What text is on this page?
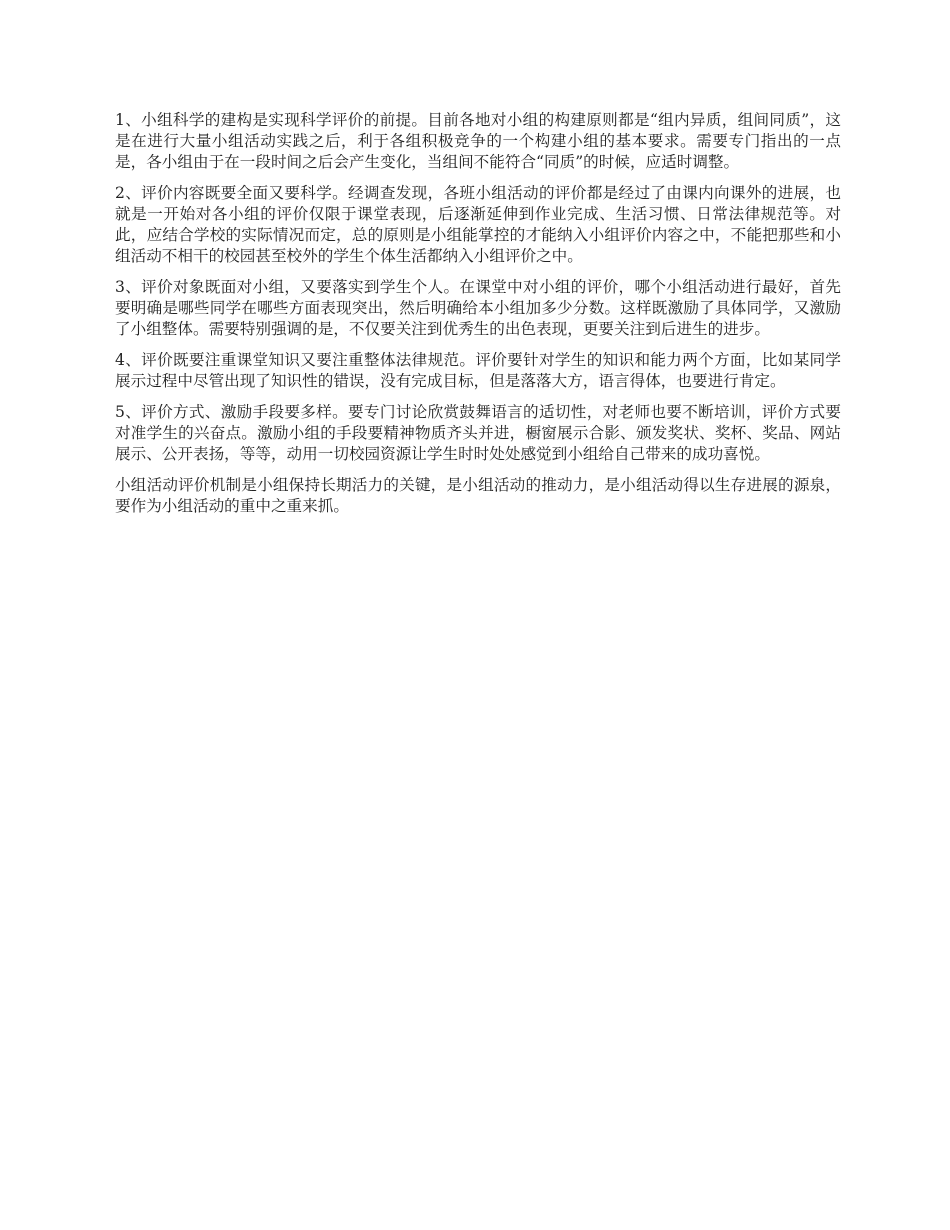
1、小组科学的建构是实现科学评价的前提。目前各地对小组的构建原则都是“组内异质，组间同质”，这是在进行大量小组活动实践之后，利于各组积极竞争的一个构建小组的基本要求。需要专门指出的一点是，各小组由于在一段时间之后会产生变化，当组间不能符合“同质”的时候，应适时调整。

2、评价内容既要全面又要科学。经调查发现，各班小组活动的评价都是经过了由课内向课外的进展，也就是一开始对各小组的评价仅限于课堂表现，后逐渐延伸到作业完成、生活习惯、日常法律规范等。对此，应结合学校的实际情况而定，总的原则是小组能掌控的才能纳入小组评价内容之中，不能把那些和小组活动不相干的校园甚至校外的学生个体生活都纳入小组评价之中。

3、评价对象既面对小组，又要落实到学生个人。在课堂中对小组的评价，哪个小组活动进行最好，首先要明确是哪些同学在哪些方面表现突出，然后明确给本小组加多少分数。这样既激励了具体同学，又激励了小组整体。需要特别强调的是，不仅要关注到优秀生的出色表现，更要关注到后进生的进步。

4、评价既要注重课堂知识又要注重整体法律规范。评价要针对学生的知识和能力两个方面，比如某同学展示过程中尽管出现了知识性的错误，没有完成目标，但是落落大方，语言得体，也要进行肯定。

5、评价方式、激励手段要多样。要专门讨论欣赏鼓舞语言的适切性，对老师也要不断培训，评价方式要对准学生的兴奋点。激励小组的手段要精神物质齐头并进，橱窗展示合影、颁发奖状、奖杯、奖品、网站展示、公开表扬，等等，动用一切校园资源让学生时时处处感觉到小组给自己带来的成功喜悦。

小组活动评价机制是小组保持长期活力的关键，是小组活动的推动力，是小组活动得以生存进展的源泉，要作为小组活动的重中之重来抓。
